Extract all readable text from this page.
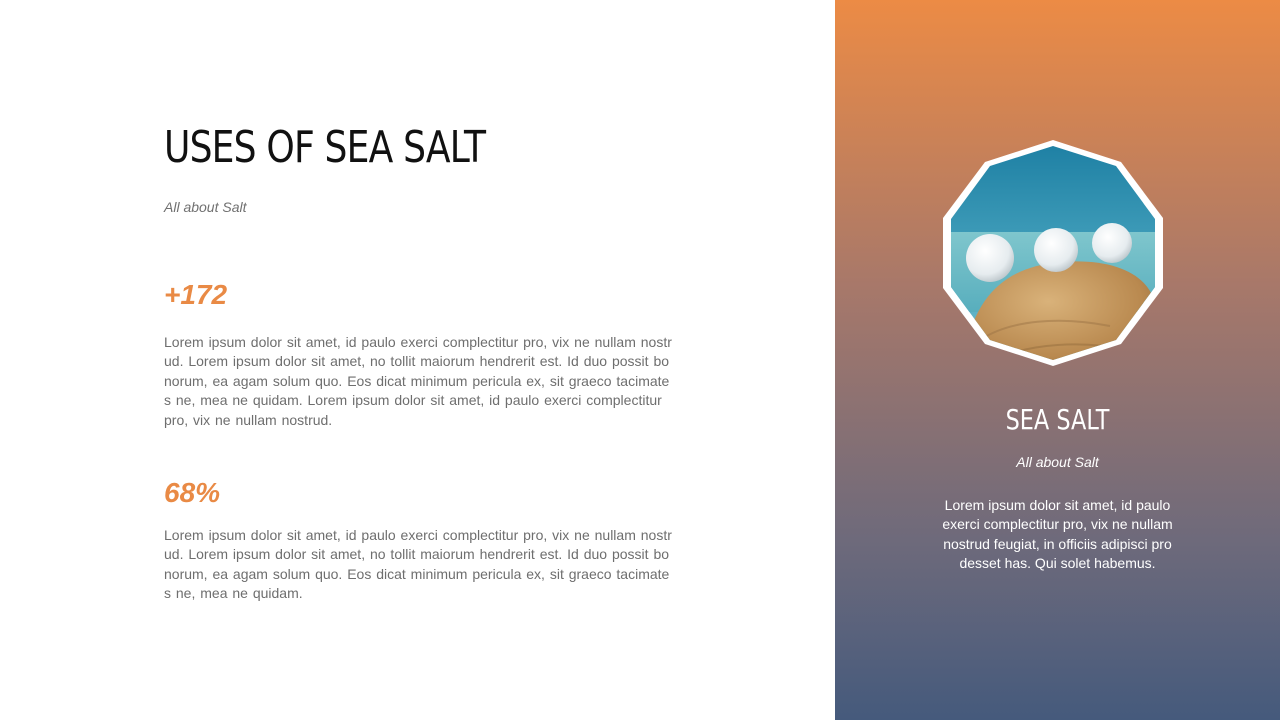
USES OF SEA SALT

All about Salt

+172

Lorem ipsum dolor sit amet, id paulo exerci complectitur pro, vix ne nullam nostrud. Lorem ipsum dolor sit amet, no tollit maiorum hendrerit est. Id duo possit bonorum, ea agam solum quo. Eos dicat minimum pericula ex, sit graeco tacimates ne, mea ne quidam. Lorem ipsum dolor sit amet, id paulo exerci complectitur pro, vix ne nullam nostrud.

68%

Lorem ipsum dolor sit amet, id paulo exerci complectitur pro, vix ne nullam nostrud. Lorem ipsum dolor sit amet, no tollit maiorum hendrerit est. Id duo possit bonorum, ea agam solum quo. Eos dicat minimum pericula ex, sit graeco tacimates ne, mea ne quidam.

SEA SALT

All about Salt

Lorem ipsum dolor sit amet, id paulo exerci complectitur pro, vix ne nullam nostrud feugiat, in officiis adipisci pro desset has. Qui solet habemus.
